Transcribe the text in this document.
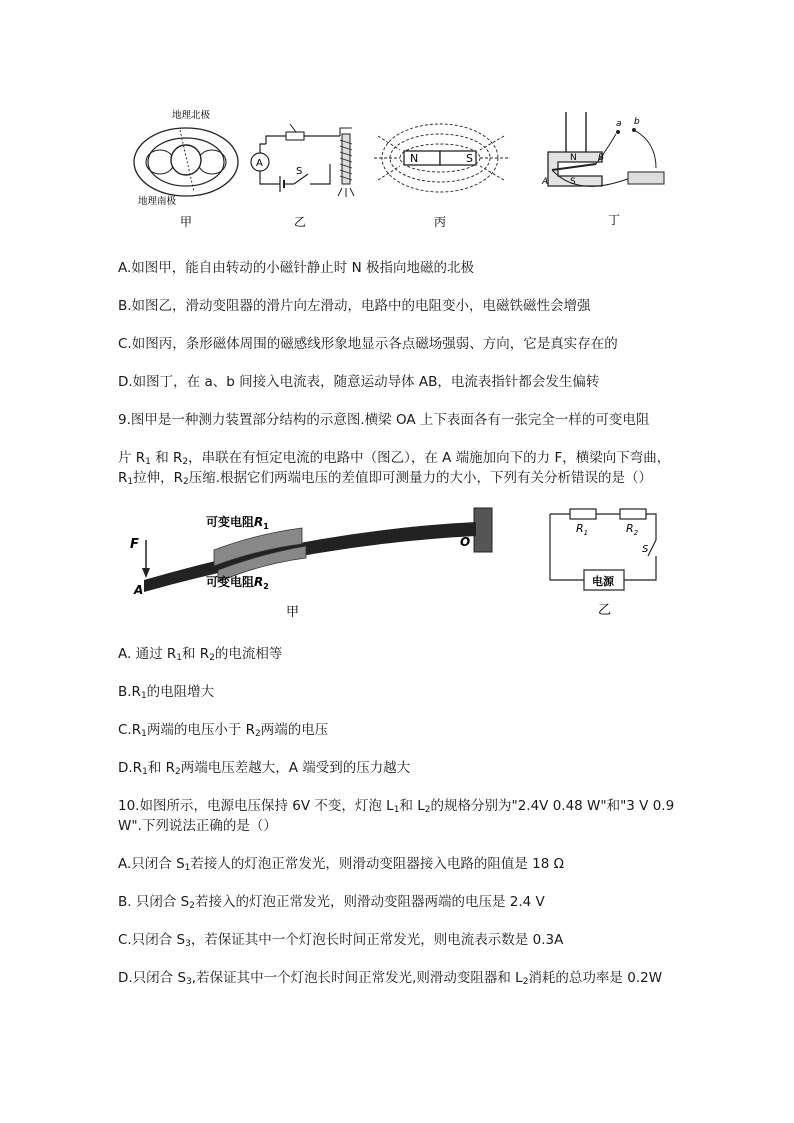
地理北极
地理南极
甲
A
S
乙
N	S
丙
N
S
A
B
a b
丁
A.如图甲，能自由转动的小磁针静止时 N 极指向地磁的北极
B.如图乙，滑动变阻器的滑片向左滑动，电路中的电阻变小，电磁铁磁性会增强
C.如图丙，条形磁体周围的磁感线形象地显示各点磁场强弱、方向，它是真实存在的
D.如图丁，在 a、b 间接入电流表，随意运动导体 AB，电流表指针都会发生偏转
9.图甲是一种测力装置部分结构的示意图.横梁 OA 上下表面各有一张完全一样的可变电阻
片 $R_1$ 和 $R_2$，串联在有恒定电流的电路中（图乙），在 A 端施加向下的力 F，横梁向下弯曲，
$R_1$拉伸，$R_2$压缩.根据它们两端电压的差值即可测量力的大小，下列有关分析错误的是（）
F
A
O
可变电阻$R_1$
可变电阻$R_2$
甲
$R_1$	$R_2$
S
电源
乙
A. 通过 $R_1$和 $R_2$的电流相等
$B.R_1$的电阻增大
$C.R_1$两端的电压小于 $R_2$两端的电压
$D.R_1$和 $R_2$两端电压差越大，A 端受到的压力越大
10.如图所示，电源电压保持 6V 不变，灯泡 $L_1$和 $L_2$的规格分别为"2.4V 0.48 W"和"3 V 0.9
W".下列说法正确的是（）
A.只闭合 $S_1$若接人的灯泡正常发光，则滑动变阻器接入电路的阻值是 18 Ω
B. 只闭合 $S_2$若接入的灯泡正常发光，则滑动变阻器两端的电压是 2.4 V
C.只闭合 $S_3$，若保证其中一个灯泡长时间正常发光，则电流表示数是 0.3A
D.只闭合 $S_3$,若保证其中一个灯泡长时间正常发光,则滑动变阻器和 $L_2$消耗的总功率是 0.2W
